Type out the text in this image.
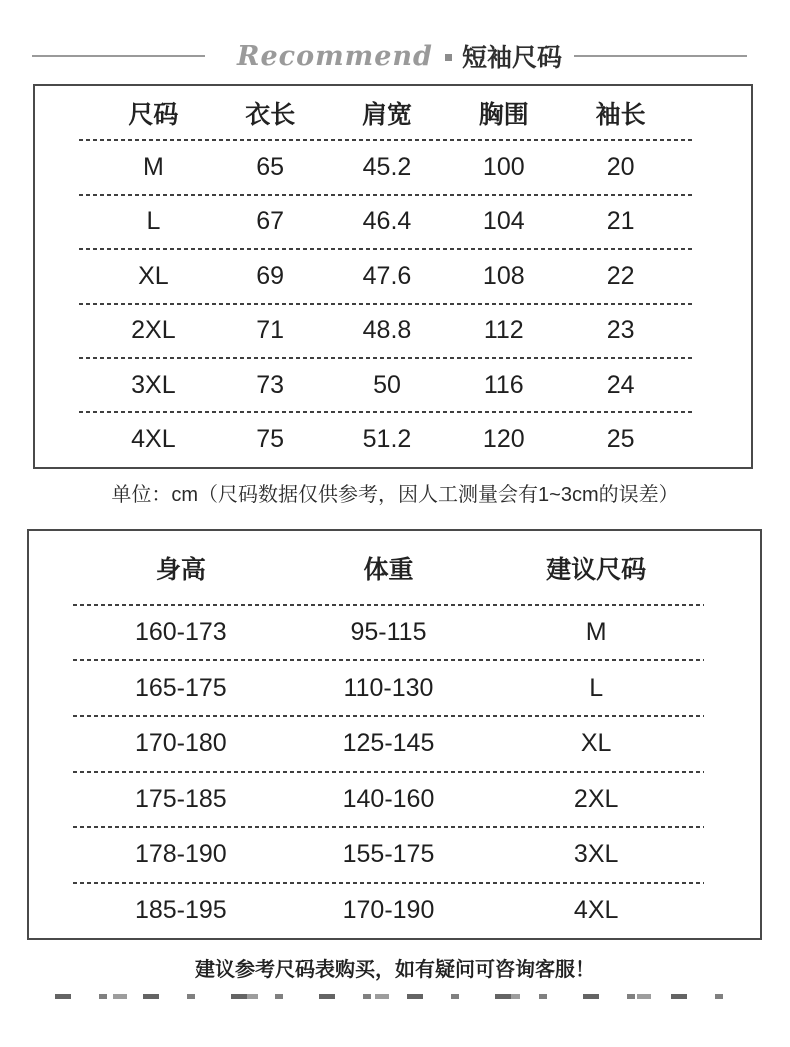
Recommend 短袖尺码
尺码	衣长	肩宽	胸围	袖长
M	65	45.2	100	20
L	67	46.4	104	21
XL	69	47.6	108	22
2XL	71	48.8	112	23
3XL	73	50	116	24
4XL	75	51.2	120	25
单位：cm（尺码数据仅供参考，因人工测量会有1~3cm的误差）
身高	体重	建议尺码
160-173	95-115	M
165-175	110-130	L
170-180	125-145	XL
175-185	140-160	2XL
178-190	155-175	3XL
185-195	170-190	4XL
建议参考尺码表购买，如有疑问可咨询客服！
